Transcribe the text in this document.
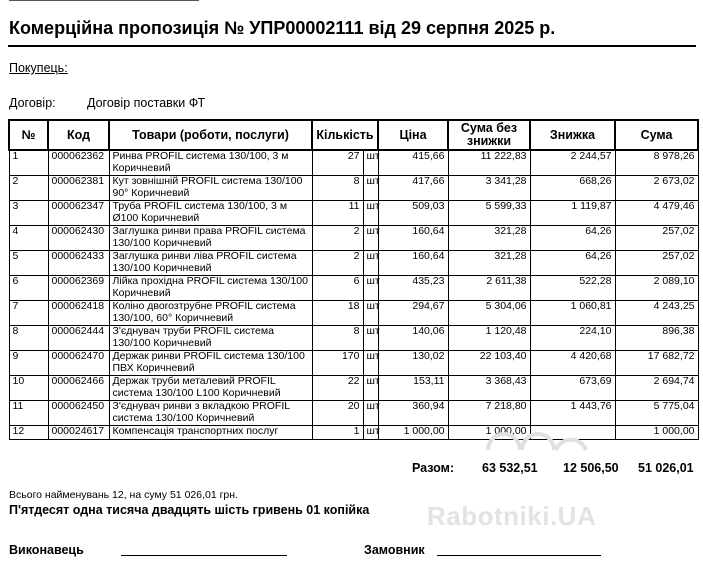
Комерційна пропозиція № УПР00002111 від 29 серпня 2025 р.
Покупець:
Договір:	Договір поставки ФТ
№	Код	Товари (роботи, послуги)	Кількість		Ціна	Сума без знижки	Знижка	Сума
1	000062362	Ринва PROFIL система 130/100, 3 м Коричневий	27	шт	415,66	11 222,83	2 244,57	8 978,26
2	000062381	Кут зовнішній PROFIL система 130/100 90° Коричневий	8	шт	417,66	3 341,28	668,26	2 673,02
3	000062347	Труба PROFIL система 130/100, 3 м Ø100 Коричневий	11	шт	509,03	5 599,33	1 119,87	4 479,46
4	000062430	Заглушка ринви права PROFIL система 130/100 Коричневий	2	шт	160,64	321,28	64,26	257,02
5	000062433	Заглушка ринви ліва PROFIL система 130/100 Коричневий	2	шт	160,64	321,28	64,26	257,02
6	000062369	Лійка прохідна PROFIL система 130/100 Коричневий	6	шт	435,23	2 611,38	522,28	2 089,10
7	000062418	Коліно двоrозтрубне PROFIL система 130/100, 60° Коричневий	18	шт	294,67	5 304,06	1 060,81	4 243,25
8	000062444	З'єднувач труби PROFIL система 130/100 Коричневий	8	шт	140,06	1 120,48	224,10	896,38
9	000062470	Держак ринви PROFIL система 130/100 ПВХ Коричневий	170	шт	130,02	22 103,40	4 420,68	17 682,72
10	000062466	Держак труби металевий PROFIL система 130/100 L100 Коричневий	22	шт	153,11	3 368,43	673,69	2 694,74
11	000062450	З'єднувач ринви з вкладкою PROFIL система 130/100 Коричневий	20	шт	360,94	7 218,80	1 443,76	5 775,04
12	000024617	Компенсація транспортних послуг	1	шт	1 000,00	1 000,00		1 000,00
Разом: 63 532,51 12 506,50 51 026,01
Всього найменувань 12, на суму 51 026,01 грн.
П'ятдесят одна тисяча двадцять шість гривень 01 копійка
Виконавець	Замовник
Rabotniki.UA
